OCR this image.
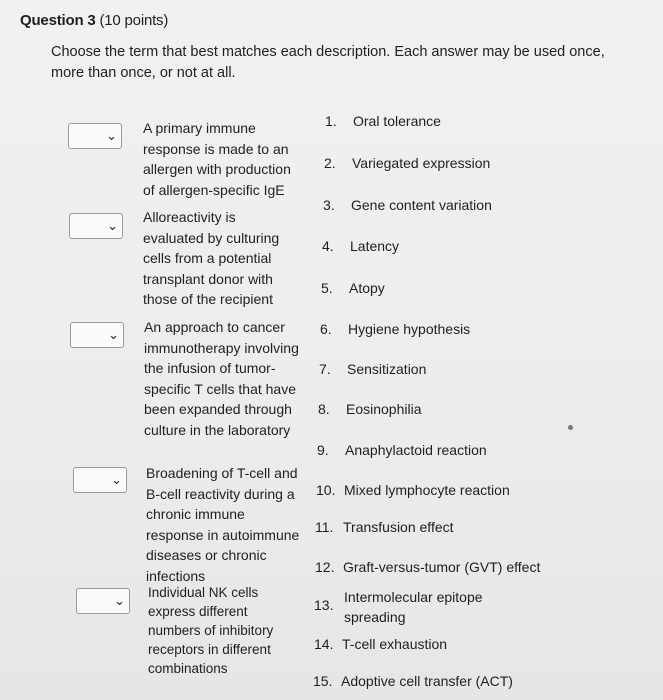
Question 3 (10 points)
Choose the term that best matches each description. Each answer may be used once, more than once, or not at all.
⌄
⌄
⌄
⌄
⌄
A primary immune response is made to an allergen with production of allergen-specific IgE
Alloreactivity is evaluated by culturing cells from a potential transplant donor with those of the recipient
An approach to cancer immunotherapy involving the infusion of tumor-specific T cells that have been expanded through culture in the laboratory
Broadening of T-cell and B-cell reactivity during a chronic immune response in autoimmune diseases or chronic infections
Individual NK cells express different numbers of inhibitory receptors in different combinations
1. Oral tolerance
2. Variegated expression
3. Gene content variation
4. Latency
5. Atopy
6. Hygiene hypothesis
7. Sensitization
8. Eosinophilia
9. Anaphylactoid reaction
10. Mixed lymphocyte reaction
11. Transfusion effect
12. Graft-versus-tumor (GVT) effect
13. Intermolecular epitope spreading
14. T-cell exhaustion
15. Adoptive cell transfer (ACT)
